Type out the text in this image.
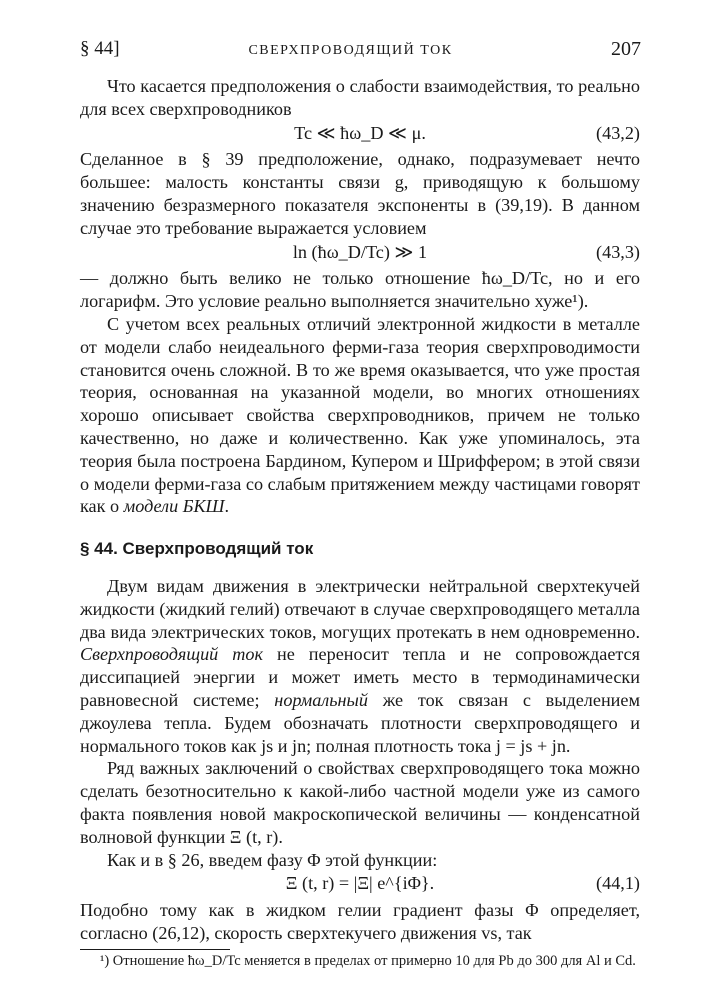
§ 44]	СВЕРХПРОВОДЯЩИЙ ТОК	207

Что касается предположения о слабости взаимодействия, то реально для всех сверхпроводников

Tc ≪ ħω_D ≪ μ.	(43,2)

Сделанное в § 39 предположение, однако, подразумевает нечто большее: малость константы связи g, приводящую к большому значению безразмерного показателя экспоненты в (39,19). В данном случае это требование выражается условием

ln (ħω_D/Tc) ≫ 1	(43,3)

— должно быть велико не только отношение ħω_D/Tc, но и его логарифм. Это условие реально выполняется значительно хуже¹).

С учетом всех реальных отличий электронной жидкости в металле от модели слабо неидеального ферми-газа теория сверхпроводимости становится очень сложной. В то же время оказывается, что уже простая теория, основанная на указанной модели, во многих отношениях хорошо описывает свойства сверхпроводников, причем не только качественно, но даже и количественно. Как уже упоминалось, эта теория была построена Бардином, Купером и Шриффером; в этой связи о модели ферми-газа со слабым притяжением между частицами говорят как о модели БКШ.

§ 44. Сверхпроводящий ток

Двум видам движения в электрически нейтральной сверхтекучей жидкости (жидкий гелий) отвечают в случае сверхпроводящего металла два вида электрических токов, могущих протекать в нем одновременно. Сверхпроводящий ток не переносит тепла и не сопровождается диссипацией энергии и может иметь место в термодинамически равновесной системе; нормальный же ток связан с выделением джоулева тепла. Будем обозначать плотности сверхпроводящего и нормального токов как js и jn; полная плотность тока j = js + jn.

Ряд важных заключений о свойствах сверхпроводящего тока можно сделать безотносительно к какой-либо частной модели уже из самого факта появления новой макроскопической величины — конденсатной волновой функции Ξ (t, r).

Как и в § 26, введем фазу Φ этой функции:

Ξ (t, r) = |Ξ| e^{iΦ}.	(44,1)

Подобно тому как в жидком гелии градиент фазы Φ определяет, согласно (26,12), скорость сверхтекучего движения vs, так

¹) Отношение ħω_D/Tc меняется в пределах от примерно 10 для Pb до 300 для Al и Cd.
